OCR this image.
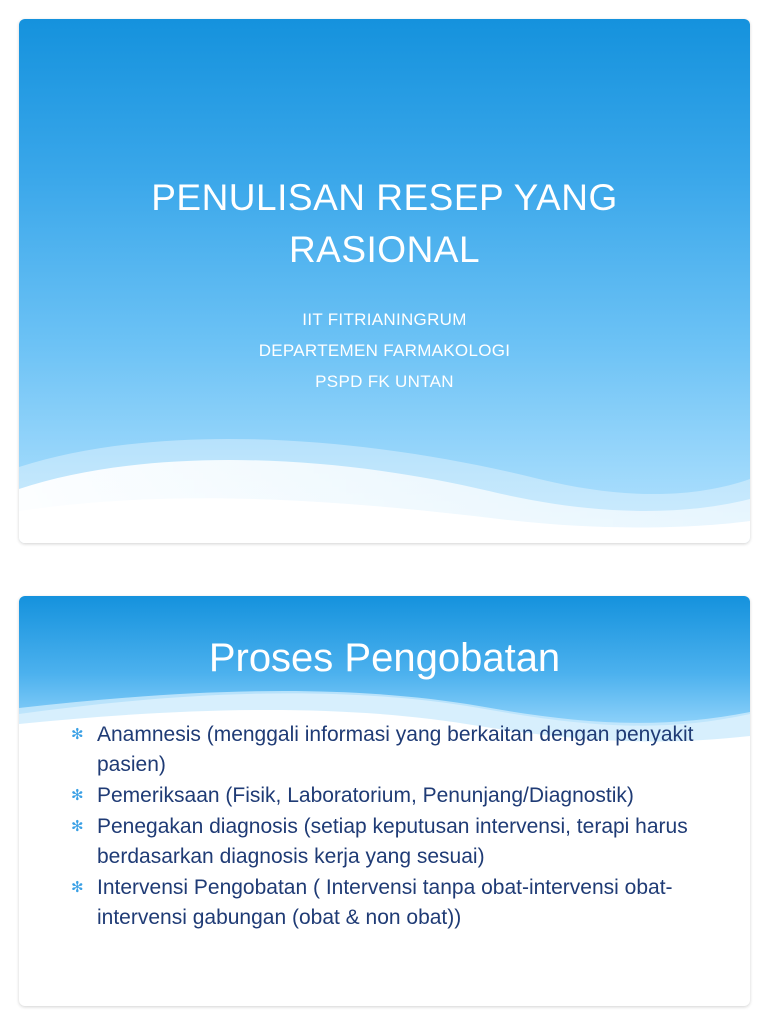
PENULISAN RESEP YANG
RASIONAL
IIT FITRIANINGRUM
DEPARTEMEN FARMAKOLOGI
PSPD FK UNTAN
Proses Pengobatan
✻ Anamnesis (menggali informasi yang berkaitan dengan penyakit pasien)
✻ Pemeriksaan (Fisik, Laboratorium, Penunjang/Diagnostik)
✻ Penegakan diagnosis (setiap keputusan intervensi, terapi harus berdasarkan diagnosis kerja yang sesuai)
✻ Intervensi Pengobatan ( Intervensi tanpa obat-intervensi obat-intervensi gabungan (obat & non obat))
